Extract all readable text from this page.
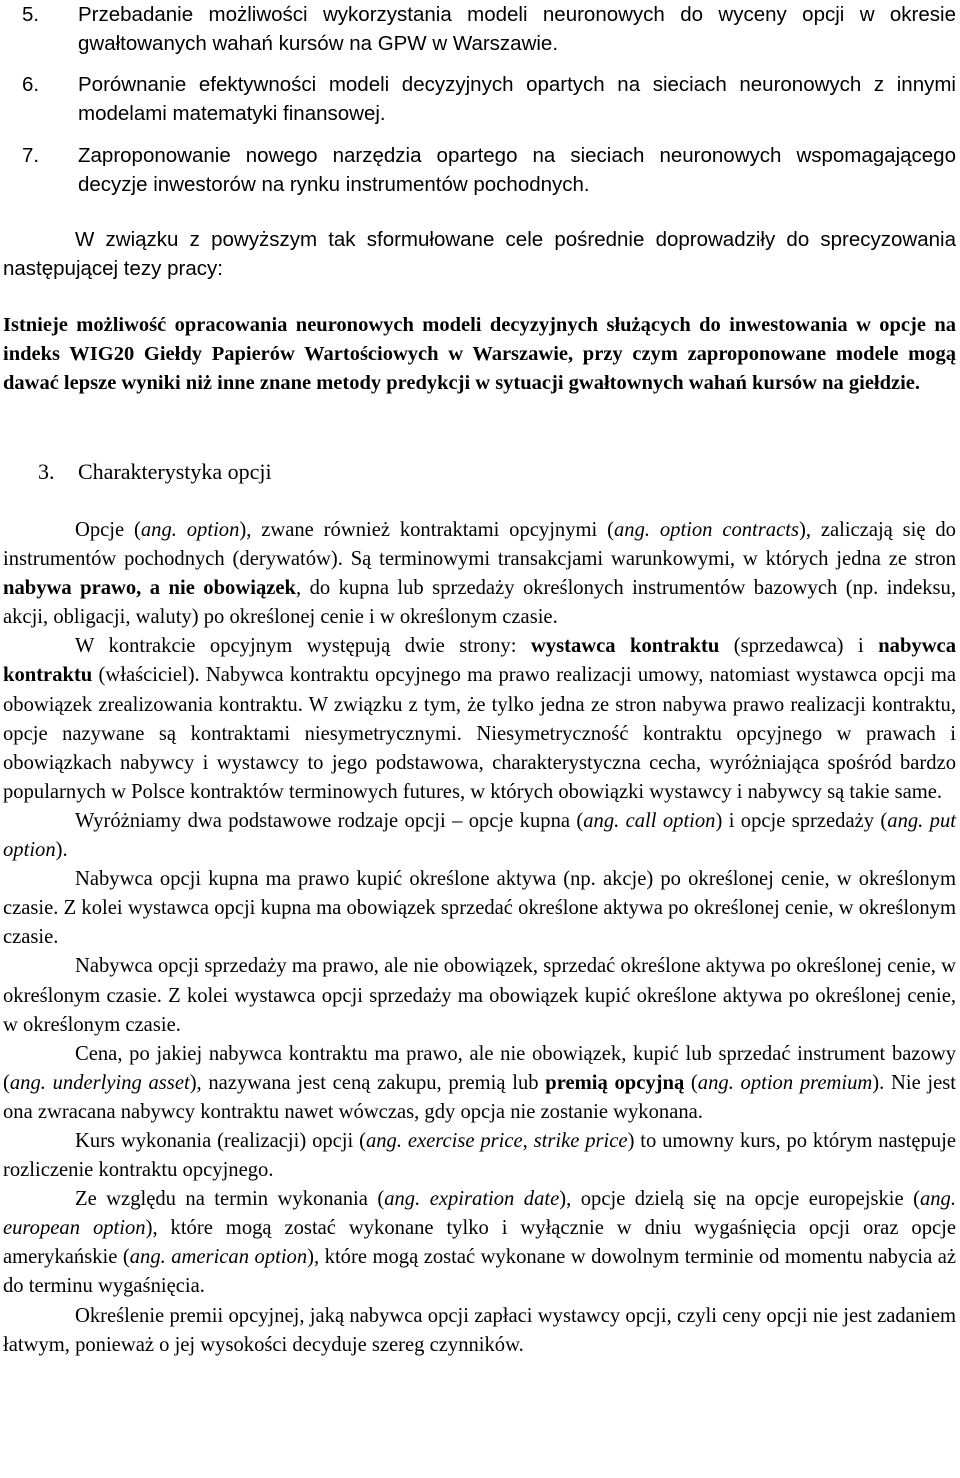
5. Przebadanie możliwości wykorzystania modeli neuronowych do wyceny opcji w okresie gwałtowanych wahań kursów na GPW w Warszawie.
6. Porównanie efektywności modeli decyzyjnych opartych na sieciach neuronowych z innymi modelami matematyki finansowej.
7. Zaproponowanie nowego narzędzia opartego na sieciach neuronowych wspomagającego decyzje inwestorów na rynku instrumentów pochodnych.
W związku z powyższym tak sformułowane cele pośrednie doprowadziły do sprecyzowania następującej tezy pracy:
Istnieje możliwość opracowania neuronowych modeli decyzyjnych służących do inwestowania w opcje na indeks WIG20 Giełdy Papierów Wartościowych w Warszawie, przy czym zaproponowane modele mogą dawać lepsze wyniki niż inne znane metody predykcji w sytuacji gwałtownych wahań kursów na giełdzie.
3. Charakterystyka opcji

Opcje (ang. option), zwane również kontraktami opcyjnymi (ang. option contracts), zaliczają się do instrumentów pochodnych (derywatów). Są terminowymi transakcjami warunkowymi, w których jedna ze stron nabywa prawo, a nie obowiązek, do kupna lub sprzedaży określonych instrumentów bazowych (np. indeksu, akcji, obligacji, waluty) po określonej cenie i w określonym czasie.

W kontrakcie opcyjnym występują dwie strony: wystawca kontraktu (sprzedawca) i nabywca kontraktu (właściciel). Nabywca kontraktu opcyjnego ma prawo realizacji umowy, natomiast wystawca opcji ma obowiązek zrealizowania kontraktu. W związku z tym, że tylko jedna ze stron nabywa prawo realizacji kontraktu, opcje nazywane są kontraktami niesymetrycznymi. Niesymetryczność kontraktu opcyjnego w prawach i obowiązkach nabywcy i wystawcy to jego podstawowa, charakterystyczna cecha, wyróżniająca spośród bardzo popularnych w Polsce kontraktów terminowych futures, w których obowiązki wystawcy i nabywcy są takie same.

Wyróżniamy dwa podstawowe rodzaje opcji – opcje kupna (ang. call option) i opcje sprzedaży (ang. put option).

Nabywca opcji kupna ma prawo kupić określone aktywa (np. akcje) po określonej cenie, w określonym czasie. Z kolei wystawca opcji kupna ma obowiązek sprzedać określone aktywa po określonej cenie, w określonym czasie.

Nabywca opcji sprzedaży ma prawo, ale nie obowiązek, sprzedać określone aktywa po określonej cenie, w określonym czasie. Z kolei wystawca opcji sprzedaży ma obowiązek kupić określone aktywa po określonej cenie, w określonym czasie.

Cena, po jakiej nabywca kontraktu ma prawo, ale nie obowiązek, kupić lub sprzedać instrument bazowy (ang. underlying asset), nazywana jest ceną zakupu, premią lub premią opcyjną (ang. option premium). Nie jest ona zwracana nabywcy kontraktu nawet wówczas, gdy opcja nie zostanie wykonana.

Kurs wykonania (realizacji) opcji (ang. exercise price, strike price) to umowny kurs, po którym następuje rozliczenie kontraktu opcyjnego.

Ze względu na termin wykonania (ang. expiration date), opcje dzielą się na opcje europejskie (ang. european option), które mogą zostać wykonane tylko i wyłącznie w dniu wygaśnięcia opcji oraz opcje amerykańskie (ang. american option), które mogą zostać wykonane w dowolnym terminie od momentu nabycia aż do terminu wygaśnięcia.

Określenie premii opcyjnej, jaką nabywca opcji zapłaci wystawcy opcji, czyli ceny opcji nie jest zadaniem łatwym, ponieważ o jej wysokości decyduje szereg czynników.
